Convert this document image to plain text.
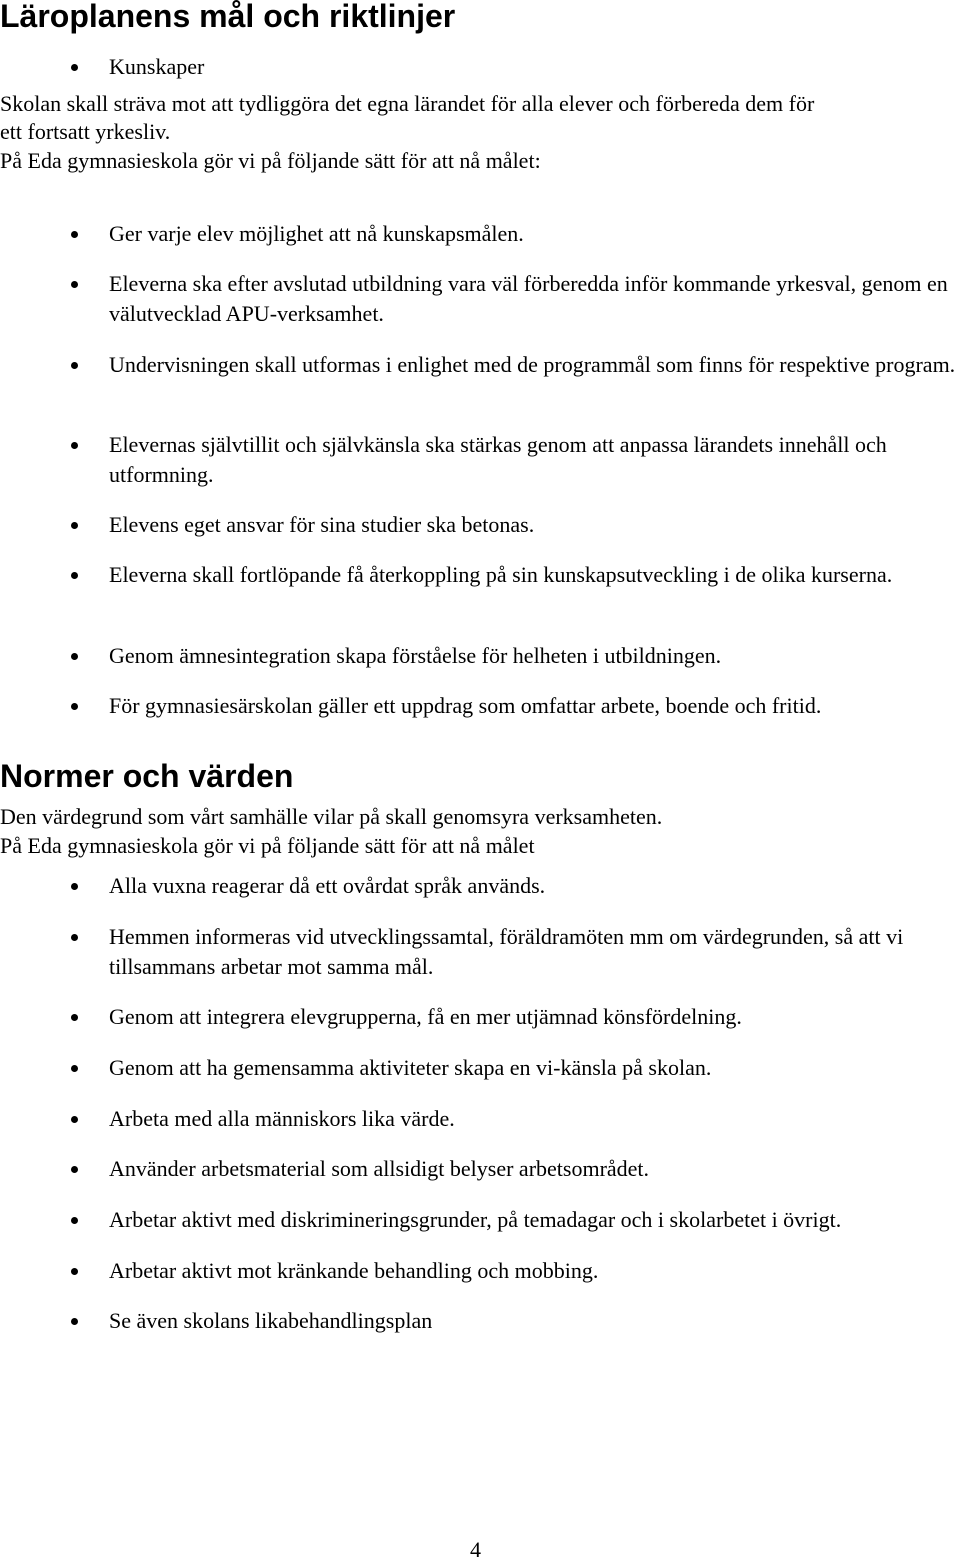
Läroplanens mål och riktlinjer
Kunskaper

Skolan skall sträva mot att tydliggöra det egna lärandet för alla elever och förbereda dem för

ett fortsatt yrkesliv.

På Eda gymnasieskola gör vi på följande sätt för att nå målet:

Ger varje elev möjlighet att nå kunskapsmålen.
Eleverna ska efter avslutad utbildning vara väl förberedda inför kommande yrkesval, genom en välutvecklad APU-verksamhet.
Undervisningen skall utformas i enlighet med de programmål som finns för respektive program.
Elevernas självtillit och självkänsla ska stärkas genom att anpassa lärandets innehåll och utformning.
Elevens eget ansvar för sina studier ska betonas.
Eleverna skall fortlöpande få återkoppling på sin kunskapsutveckling i de olika kurserna.
Genom ämnesintegration skapa förståelse för helheten i utbildningen.
För gymnasiesärskolan gäller ett uppdrag som omfattar arbete, boende och fritid.
Normer och värden

Den värdegrund som vårt samhälle vilar på skall genomsyra verksamheten.

På Eda gymnasieskola gör vi på följande sätt för att nå målet

Alla vuxna reagerar då ett ovårdat språk används.
Hemmen informeras vid utvecklingssamtal, föräldramöten mm om värdegrunden, så att vi tillsammans arbetar mot samma mål.
Genom att integrera elevgrupperna, få en mer utjämnad könsfördelning.
Genom att ha gemensamma aktiviteter skapa en vi-känsla på skolan.
Arbeta med alla människors lika värde.
Använder arbetsmaterial som allsidigt belyser arbetsområdet.
Arbetar aktivt med diskrimineringsgrunder, på temadagar och i skolarbetet i övrigt.
Arbetar aktivt mot kränkande behandling och mobbing.
Se även skolans likabehandlingsplan
4
